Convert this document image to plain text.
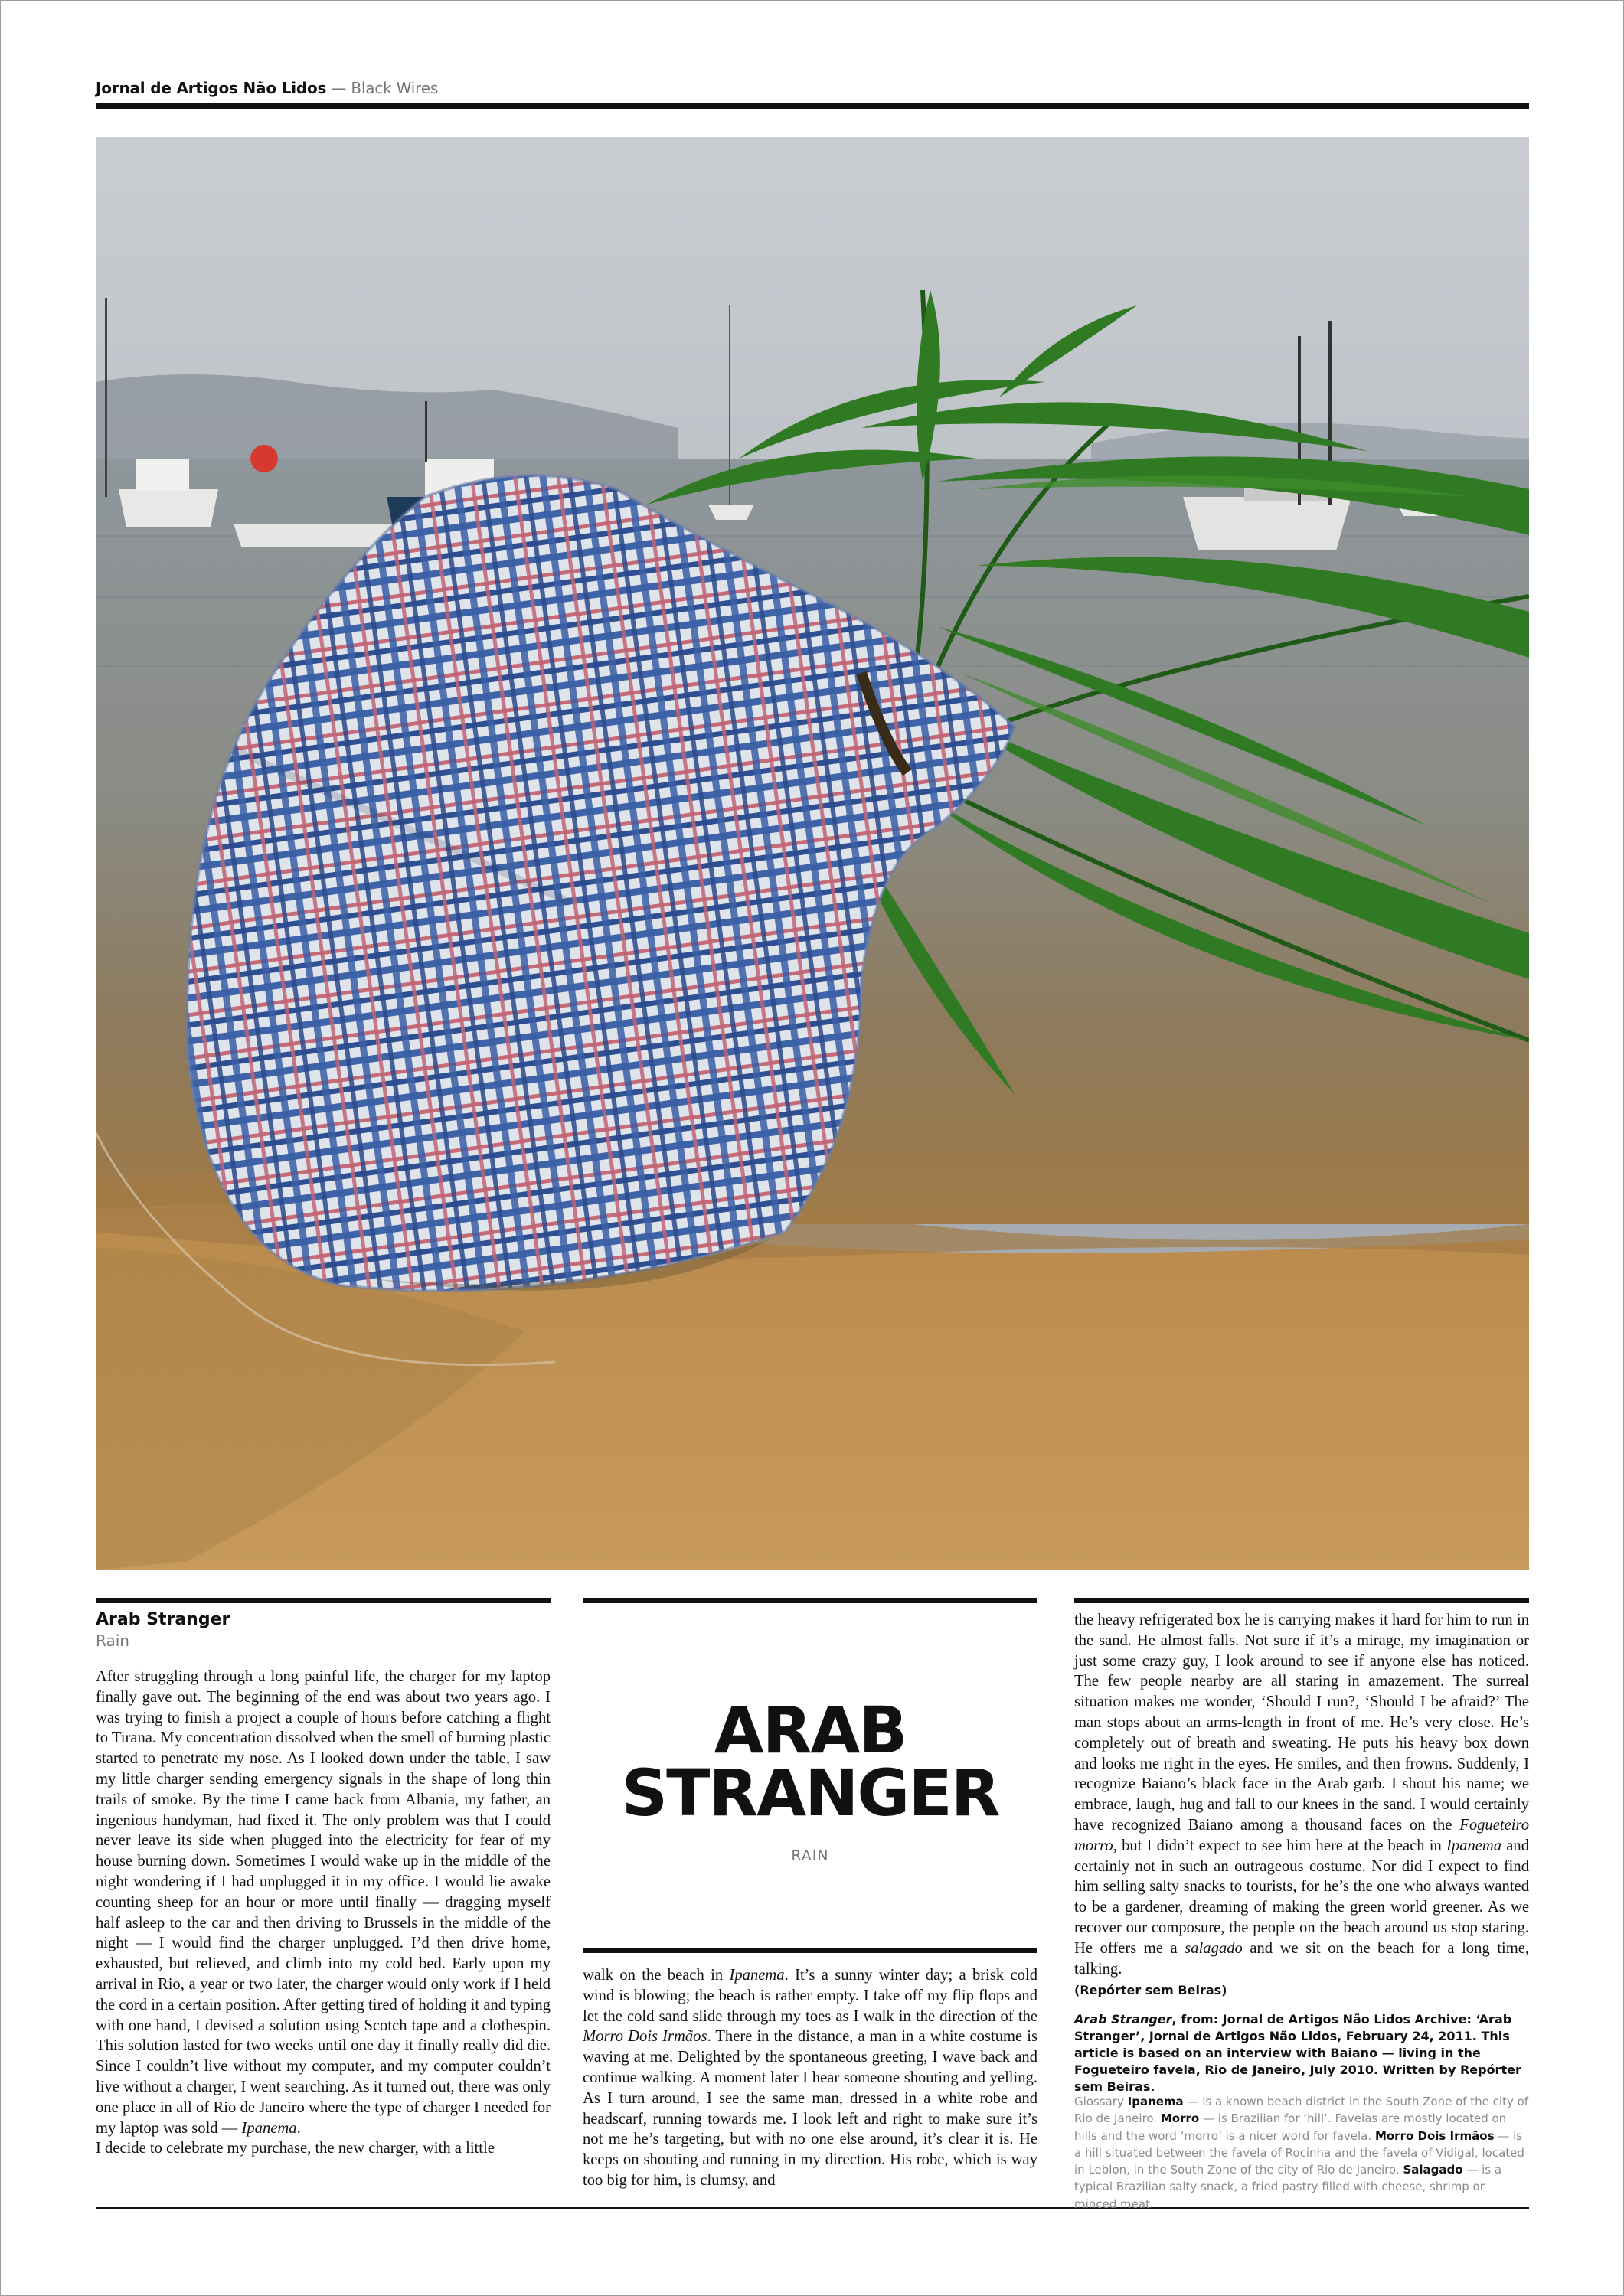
Jornal de Artigos Não Lidos — Black Wires
Arab Stranger
Rain

After struggling through a long painful life, the charger for my laptop finally gave out. The beginning of the end was about two years ago. I was trying to finish a project a couple of hours before catching a flight to Tirana. My concentration dissolved when the smell of burning plastic started to penetrate my nose. As I looked down under the table, I saw my little charger sending emergency signals in the shape of long thin trails of smoke. By the time I came back from Albania, my father, an ingenious handyman, had fixed it. The only problem was that I could never leave its side when plugged into the electricity for fear of my house burning down. Sometimes I would wake up in the middle of the night wondering if I had unplugged it in my office. I would lie awake counting sheep for an hour or more until finally — dragging myself half asleep to the car and then driving to Brussels in the middle of the night — I would find the charger unplugged. I’d then drive home, exhausted, but relieved, and climb into my cold bed. Early upon my arrival in Rio, a year or two later, the charger would only work if I held the cord in a certain position. After getting tired of holding it and typing with one hand, I devised a solution using Scotch tape and a clothespin. This solution lasted for two weeks until one day it finally really did die. Since I couldn’t live without my computer, and my computer couldn’t live without a charger, I went searching. As it turned out, there was only one place in all of Rio de Janeiro where the type of charger I needed for my laptop was sold — Ipanema.

I decide to celebrate my purchase, the new charger, with a little

ARAB
STRANGER
RAIN

walk on the beach in Ipanema. It’s a sunny winter day; a brisk cold wind is blowing; the beach is rather empty. I take off my flip flops and let the cold sand slide through my toes as I walk in the direction of the Morro Dois Irmãos. There in the distance, a man in a white costume is waving at me. Delighted by the spontaneous greeting, I wave back and continue walking. A moment later I hear someone shouting and yelling. As I turn around, I see the same man, dressed in a white robe and headscarf, running towards me. I look left and right to make sure it’s not me he’s targeting, but with no one else around, it’s clear it is. He keeps on shouting and running in my direction. His robe, which is way too big for him, is clumsy, and

the heavy refrigerated box he is carrying makes it hard for him to run in the sand. He almost falls. Not sure if it’s a mirage, my imagination or just some crazy guy, I look around to see if anyone else has noticed. The few people nearby are all staring in amazement. The surreal situation makes me wonder, ‘Should I run?, ‘Should I be afraid?’ The man stops about an arms-length in front of me. He’s very close. He’s completely out of breath and sweating. He puts his heavy box down and looks me right in the eyes. He smiles, and then frowns. Suddenly, I recognize Baiano’s black face in the Arab garb. I shout his name; we embrace, laugh, hug and fall to our knees in the sand. I would certainly have recognized Baiano among a thousand faces on the Fogueteiro morro, but I didn’t expect to see him here at the beach in Ipanema and certainly not in such an outrageous costume. Nor did I expect to find him selling salty snacks to tourists, for he’s the one who always wanted to be a gardener, dreaming of making the green world greener. As we recover our composure, the people on the beach around us stop staring. He offers me a salagado and we sit on the beach for a long time, talking.

(Repórter sem Beiras)
Arab Stranger, from: Jornal de Artigos Não Lidos Archive: ‘Arab Stranger’, Jornal de Artigos Não Lidos, February 24, 2011. This article is based on an interview with Baiano — living in the Fogueteiro favela, Rio de Janeiro, July 2010. Written by Repórter sem Beiras.
Glossary Ipanema — is a known beach district in the South Zone of the city of Rio de Janeiro. Morro — is Brazilian for ‘hill’. Favelas are mostly located on hills and the word ‘morro’ is a nicer word for favela. Morro Dois Irmãos — is a hill situated between the favela of Rocinha and the favela of Vidigal, located in Leblon, in the South Zone of the city of Rio de Janeiro. Salagado — is a typical Brazilian salty snack, a fried pastry filled with cheese, shrimp or minced meat.
